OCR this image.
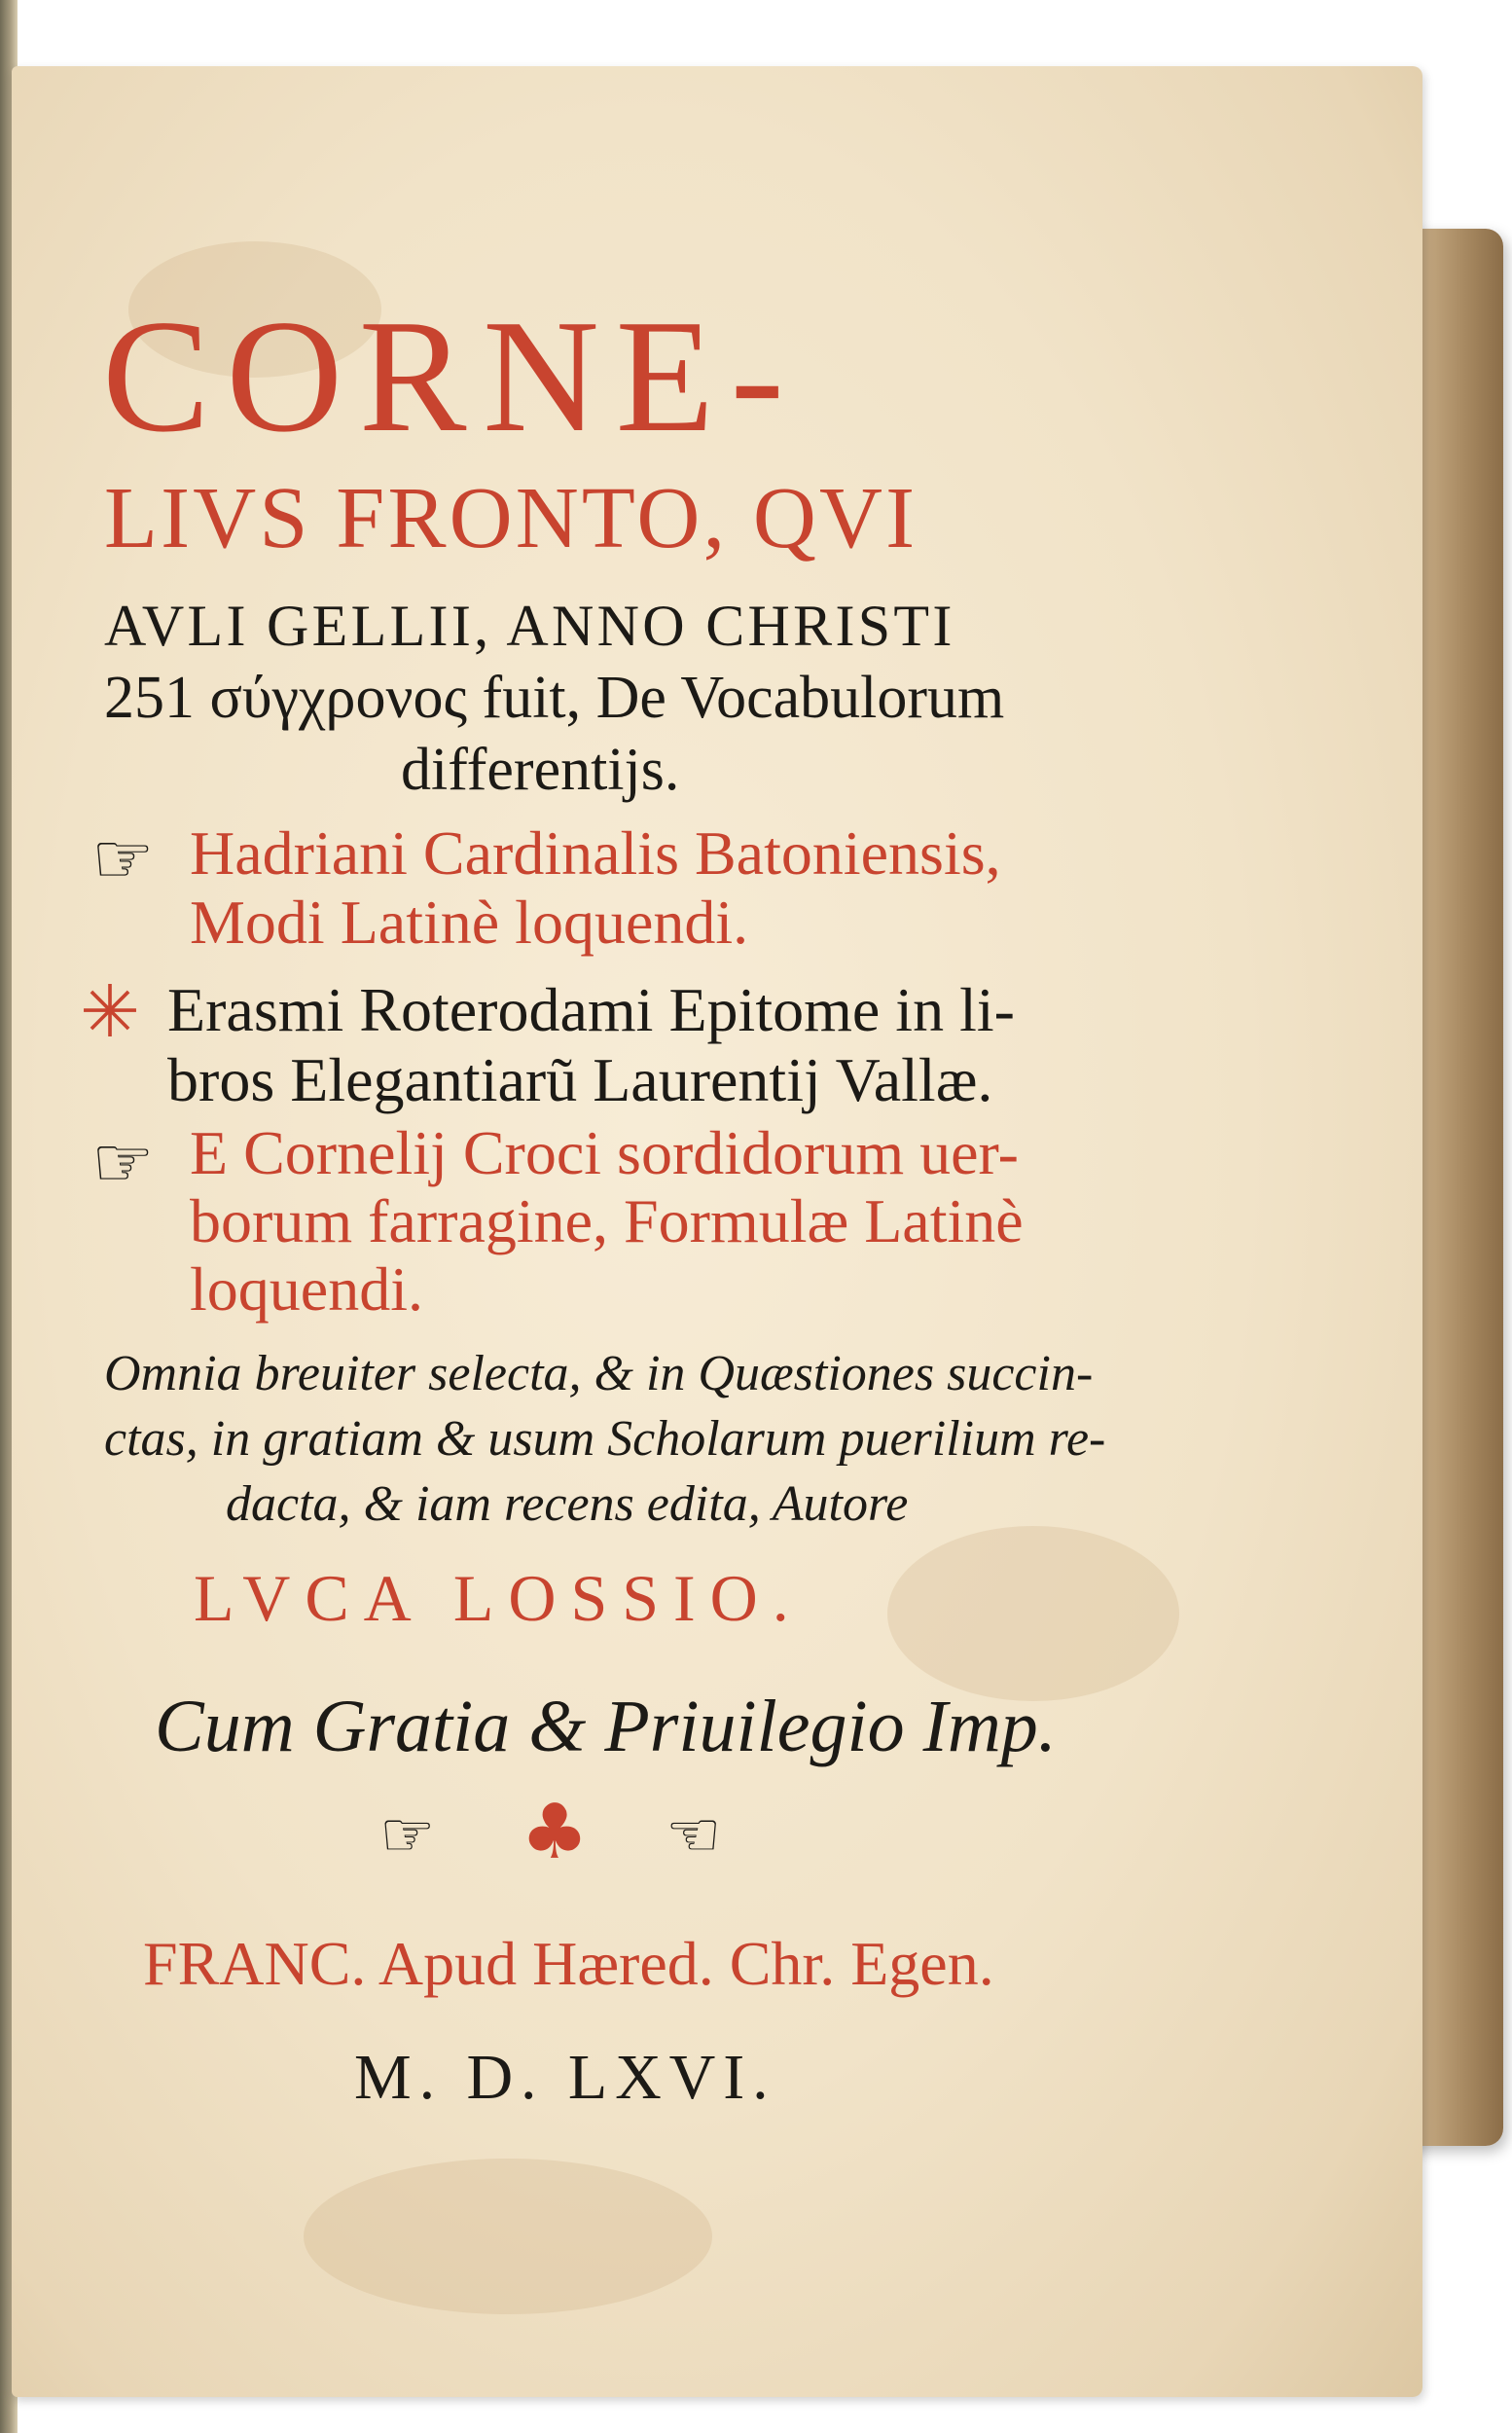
CORNE-
LIVS FRONTO, QVI
AVLI GELLII, ANNO CHRISTI
251 σύγχρονος fuit, De Vocabulorum
differentijs.
☞ Hadriani Cardinalis Batoniensis,
Modi Latinè loquendi.
✳ Erasmi Roterodami Epitome in li-
bros Elegantiarũ Laurentij Vallæ.
☞ E Cornelij Croci sordidorum uer-
borum farragine, Formulæ Latinè
loquendi.
Omnia breuiter selecta, & in Quæstiones succin-
ctas, in gratiam & usum Scholarum puerilium re-
dacta, & iam recens edita, Autore
LVCA LOSSIO.
Cum Gratia & Priuilegio Imp.
☞ ♣ ☜
FRANC. Apud Hæred. Chr. Egen.
M. D. LXVI.
